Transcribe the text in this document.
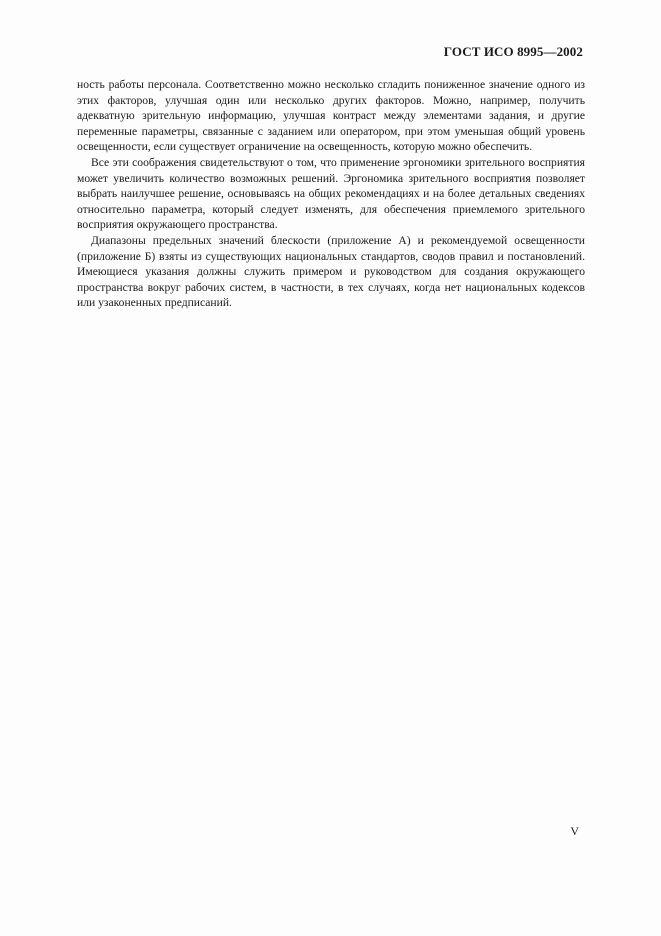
ГОСТ ИСО 8995—2002

ность работы персонала. Соответственно можно несколько сгладить пониженное значение одного из этих факторов, улучшая один или несколько других факторов. Можно, например, получить адекватную зрительную информацию, улучшая контраст между элементами задания, и другие переменные параметры, связанные с заданием или оператором, при этом уменьшая общий уровень освещенности, если существует ограничение на освещенность, которую можно обеспечить.

Все эти соображения свидетельствуют о том, что применение эргономики зрительного восприятия может увеличить количество возможных решений. Эргономика зрительного восприятия позволяет выбрать наилучшее решение, основываясь на общих рекомендациях и на более детальных сведениях относительно параметра, который следует изменять, для обеспечения приемлемого зрительного восприятия окружающего пространства.

Диапазоны предельных значений блескости (приложение А) и рекомендуемой освещенности (приложение Б) взяты из существующих национальных стандартов, сводов правил и постановлений. Имеющиеся указания должны служить примером и руководством для создания окружающего пространства вокруг рабочих систем, в частности, в тех случаях, когда нет национальных кодексов или узаконенных предписаний.

V
